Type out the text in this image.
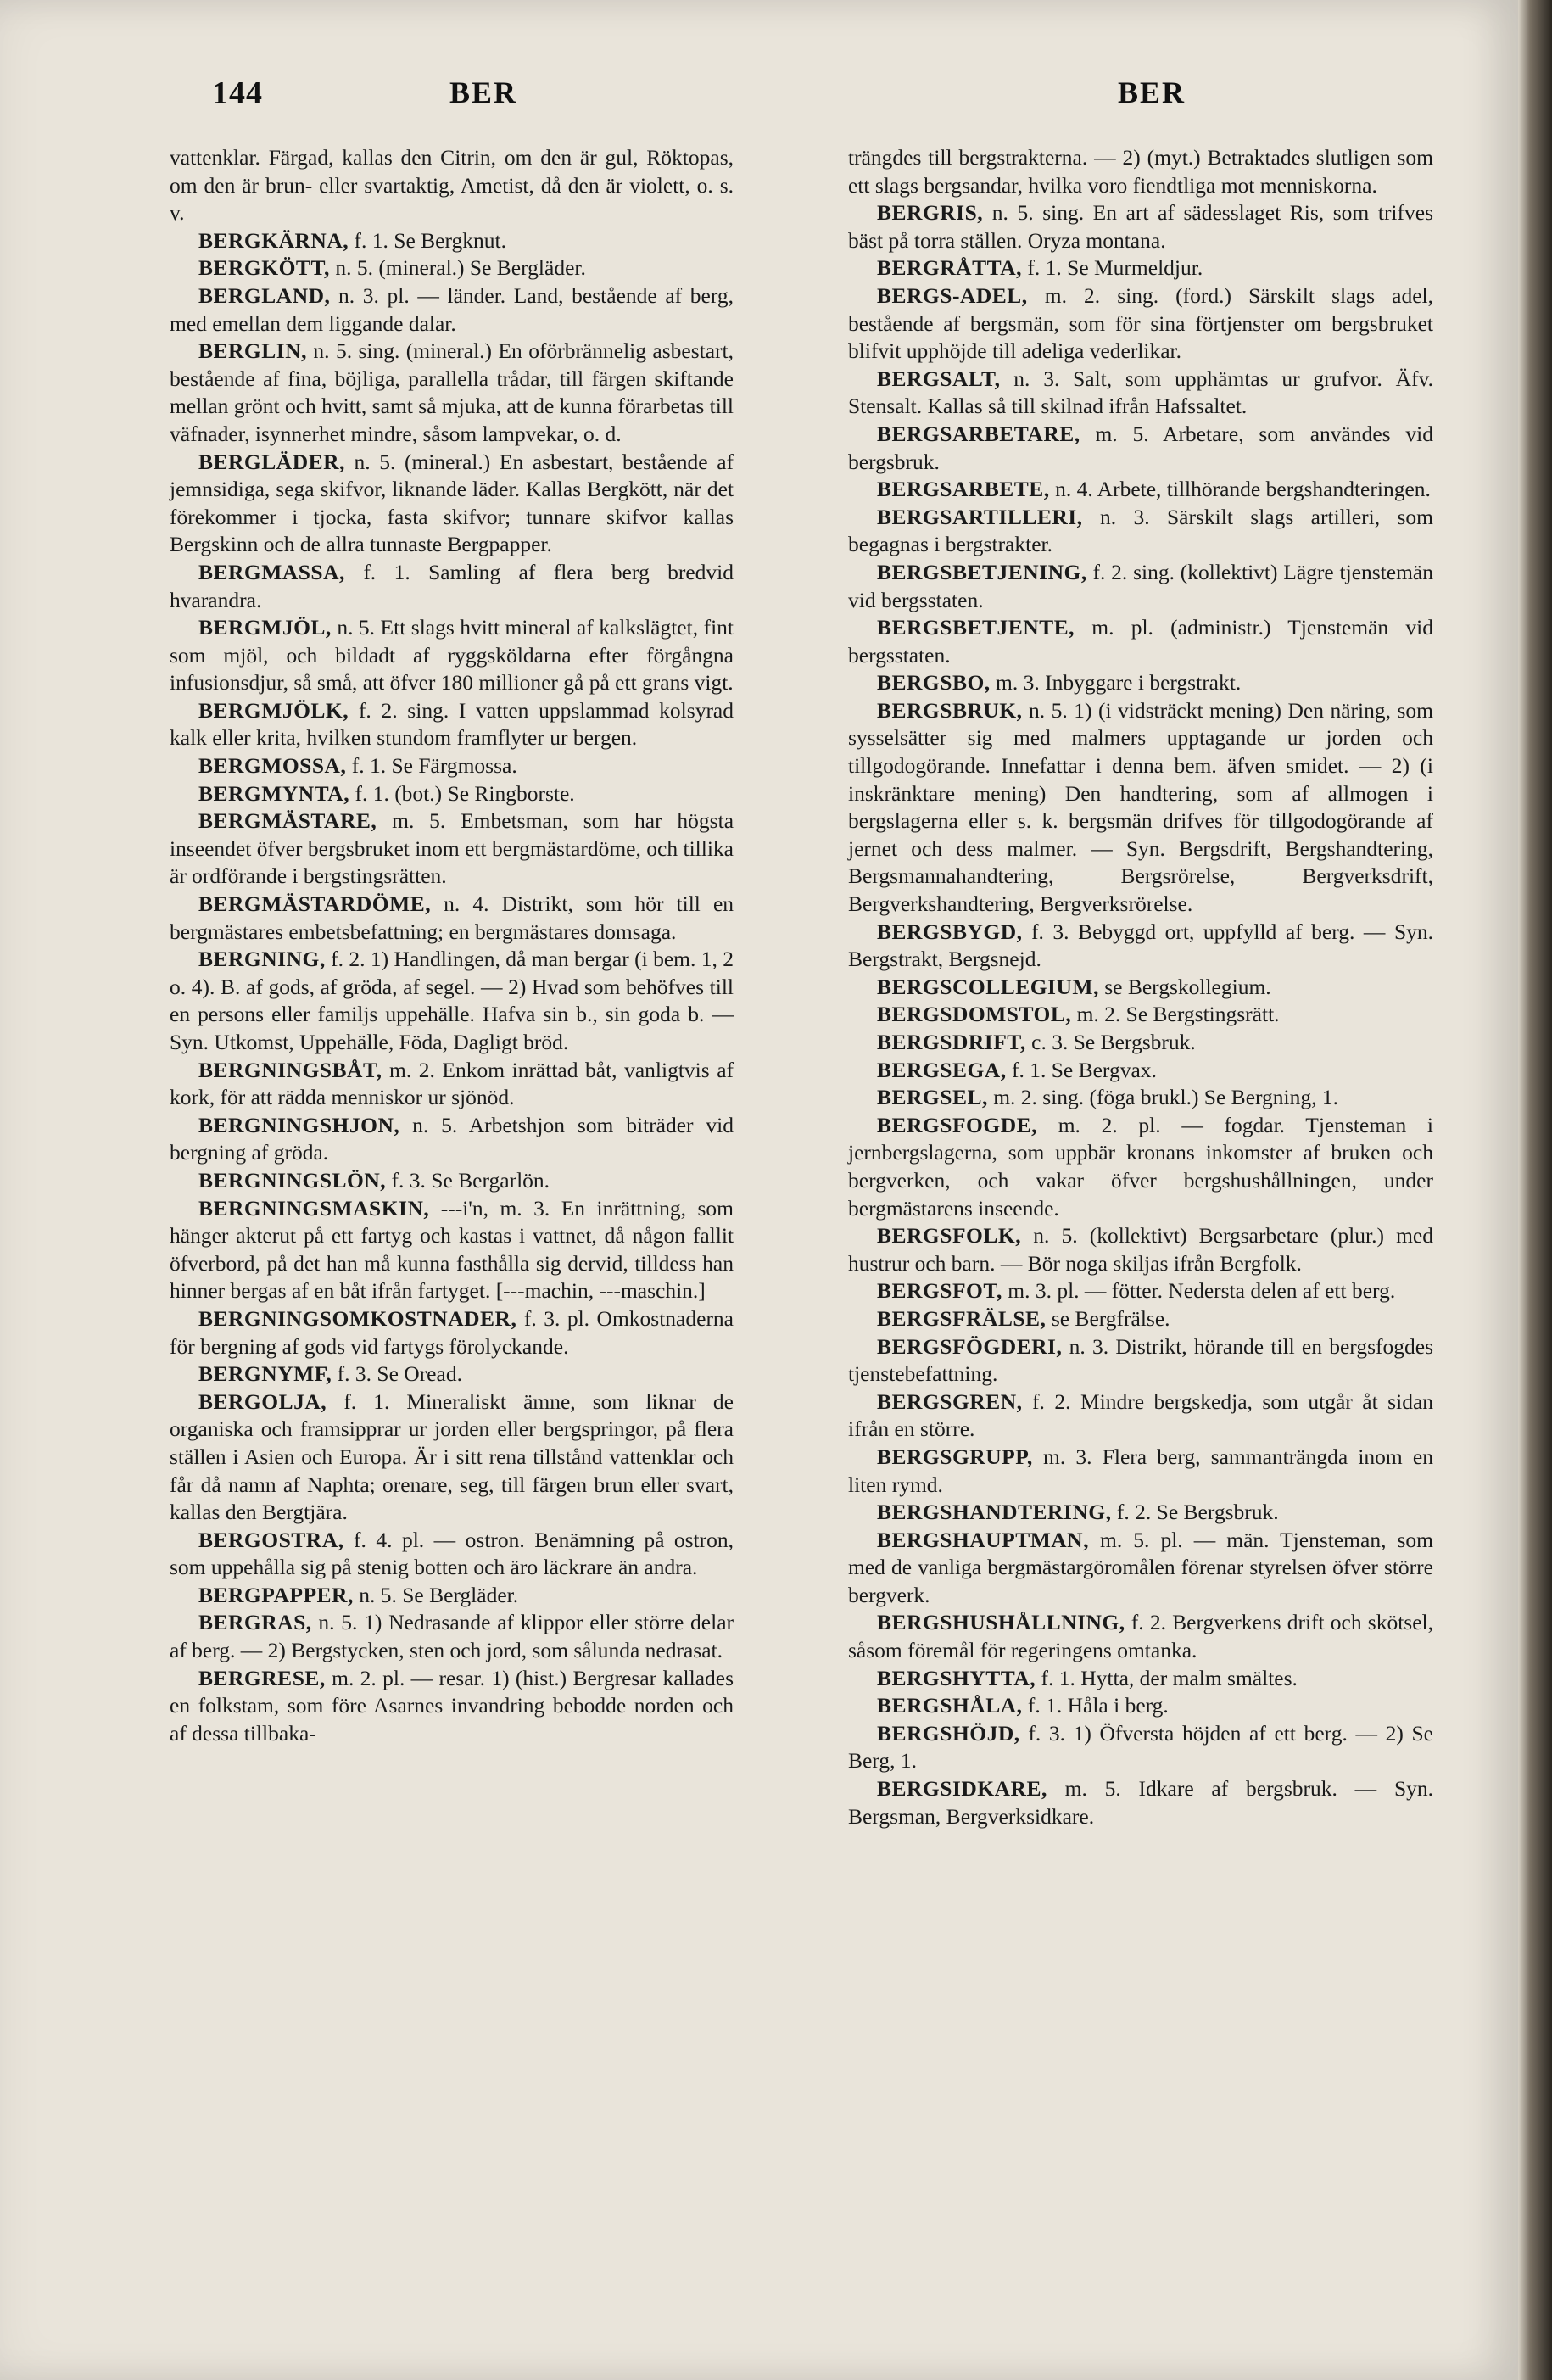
144	BER	BER

vattenklar. Färgad, kallas den Citrin, om den är gul, Röktopas, om den är brun- eller svartaktig, Ametist, då den är violett, o. s. v.

BERGKÄRNA, f. 1. Se Bergknut.

BERGKÖTT, n. 5. (mineral.) Se Bergläder.

BERGLAND, n. 3. pl. — länder. Land, bestående af berg, med emellan dem liggande dalar.

BERGLIN, n. 5. sing. (mineral.) En oförbrännelig asbestart, bestående af fina, böjliga, parallella trådar, till färgen skiftande mellan grönt och hvitt, samt så mjuka, att de kunna förarbetas till väfnader, isynnerhet mindre, såsom lampvekar, o. d.

BERGLÄDER, n. 5. (mineral.) En asbestart, bestående af jemnsidiga, sega skifvor, liknande läder. Kallas Bergkött, när det förekommer i tjocka, fasta skifvor; tunnare skifvor kallas Bergskinn och de allra tunnaste Bergpapper.

BERGMASSA, f. 1. Samling af flera berg bredvid hvarandra.

BERGMJÖL, n. 5. Ett slags hvitt mineral af kalkslägtet, fint som mjöl, och bildadt af ryggsköldarna efter förgångna infusionsdjur, så små, att öfver 180 millioner gå på ett grans vigt.

BERGMJÖLK, f. 2. sing. I vatten uppslammad kolsyrad kalk eller krita, hvilken stundom framflyter ur bergen.

BERGMOSSA, f. 1. Se Färgmossa.

BERGMYNTA, f. 1. (bot.) Se Ringborste.

BERGMÄSTARE, m. 5. Embetsman, som har högsta inseendet öfver bergsbruket inom ett bergmästardöme, och tillika är ordförande i bergstingsrätten.

BERGMÄSTARDÖME, n. 4. Distrikt, som hör till en bergmästares embetsbefattning; en bergmästares domsaga.

BERGNING, f. 2. 1) Handlingen, då man bergar (i bem. 1, 2 o. 4). B. af gods, af gröda, af segel. — 2) Hvad som behöfves till en persons eller familjs uppehälle. Hafva sin b., sin goda b. — Syn. Utkomst, Uppehälle, Föda, Dagligt bröd.

BERGNINGSBÅT, m. 2. Enkom inrättad båt, vanligtvis af kork, för att rädda menniskor ur sjönöd.

BERGNINGSHJON, n. 5. Arbetshjon som biträder vid bergning af gröda.

BERGNINGSLÖN, f. 3. Se Bergarlön.

BERGNINGSMASKIN, ---i'n, m. 3. En inrättning, som hänger akterut på ett fartyg och kastas i vattnet, då någon fallit öfverbord, på det han må kunna fasthålla sig dervid, tilldess han hinner bergas af en båt ifrån fartyget. [---machin, ---maschin.]

BERGNINGSOMKOSTNADER, f. 3. pl. Omkostnaderna för bergning af gods vid fartygs förolyckande.

BERGNYMF, f. 3. Se Oread.

BERGOLJA, f. 1. Mineraliskt ämne, som liknar de organiska och framsipprar ur jorden eller bergspringor, på flera ställen i Asien och Europa. Är i sitt rena tillstånd vattenklar och får då namn af Naphta; orenare, seg, till färgen brun eller svart, kallas den Bergtjära.

BERGOSTRA, f. 4. pl. — ostron. Benämning på ostron, som uppehålla sig på stenig botten och äro läckrare än andra.

BERGPAPPER, n. 5. Se Bergläder.

BERGRAS, n. 5. 1) Nedrasande af klippor eller större delar af berg. — 2) Bergstycken, sten och jord, som sålunda nedrasat.

BERGRESE, m. 2. pl. — resar. 1) (hist.) Bergresar kallades en folkstam, som före Asarnes invandring bebodde norden och af dessa tillbaka-

trängdes till bergstrakterna. — 2) (myt.) Betraktades slutligen som ett slags bergsandar, hvilka voro fiendtliga mot menniskorna.

BERGRIS, n. 5. sing. En art af sädesslaget Ris, som trifves bäst på torra ställen. Oryza montana.

BERGRÅTTA, f. 1. Se Murmeldjur.

BERGS-ADEL, m. 2. sing. (ford.) Särskilt slags adel, bestående af bergsmän, som för sina förtjenster om bergsbruket blifvit upphöjde till adeliga vederlikar.

BERGSALT, n. 3. Salt, som upphämtas ur grufvor. Äfv. Stensalt. Kallas så till skilnad ifrån Hafssaltet.

BERGSARBETARE, m. 5. Arbetare, som användes vid bergsbruk.

BERGSARBETE, n. 4. Arbete, tillhörande bergshandteringen.

BERGSARTILLERI, n. 3. Särskilt slags artilleri, som begagnas i bergstrakter.

BERGSBETJENING, f. 2. sing. (kollektivt) Lägre tjenstemän vid bergsstaten.

BERGSBETJENTE, m. pl. (administr.) Tjenstemän vid bergsstaten.

BERGSBO, m. 3. Inbyggare i bergstrakt.

BERGSBRUK, n. 5. 1) (i vidsträckt mening) Den näring, som sysselsätter sig med malmers upptagande ur jorden och tillgodogörande. Innefattar i denna bem. äfven smidet. — 2) (i inskränktare mening) Den handtering, som af allmogen i bergslagerna eller s. k. bergsmän drifves för tillgodogörande af jernet och dess malmer. — Syn. Bergsdrift, Bergshandtering, Bergsmannahandtering, Bergsrörelse, Bergverksdrift, Bergverkshandtering, Bergverksrörelse.

BERGSBYGD, f. 3. Bebyggd ort, uppfylld af berg. — Syn. Bergstrakt, Bergsnejd.

BERGSCOLLEGIUM, se Bergskollegium.

BERGSDOMSTOL, m. 2. Se Bergstingsrätt.

BERGSDRIFT, c. 3. Se Bergsbruk.

BERGSEGA, f. 1. Se Bergvax.

BERGSEL, m. 2. sing. (föga brukl.) Se Bergning, 1.

BERGSFOGDE, m. 2. pl. — fogdar. Tjensteman i jernbergslagerna, som uppbär kronans inkomster af bruken och bergverken, och vakar öfver bergshushållningen, under bergmästarens inseende.

BERGSFOLK, n. 5. (kollektivt) Bergsarbetare (plur.) med hustrur och barn. — Bör noga skiljas ifrån Bergfolk.

BERGSFOT, m. 3. pl. — fötter. Nedersta delen af ett berg.

BERGSFRÄLSE, se Bergfrälse.

BERGSFÖGDERI, n. 3. Distrikt, hörande till en bergsfogdes tjenstebefattning.

BERGSGREN, f. 2. Mindre bergskedja, som utgår åt sidan ifrån en större.

BERGSGRUPP, m. 3. Flera berg, sammanträngda inom en liten rymd.

BERGSHANDTERING, f. 2. Se Bergsbruk.

BERGSHAUPTMAN, m. 5. pl. — män. Tjensteman, som med de vanliga bergmästargöromålen förenar styrelsen öfver större bergverk.

BERGSHUSHÅLLNING, f. 2. Bergverkens drift och skötsel, såsom föremål för regeringens omtanka.

BERGSHYTTA, f. 1. Hytta, der malm smältes.

BERGSHÅLA, f. 1. Håla i berg.

BERGSHÖJD, f. 3. 1) Öfversta höjden af ett berg. — 2) Se Berg, 1.

BERGSIDKARE, m. 5. Idkare af bergsbruk. — Syn. Bergsman, Bergverksidkare.
